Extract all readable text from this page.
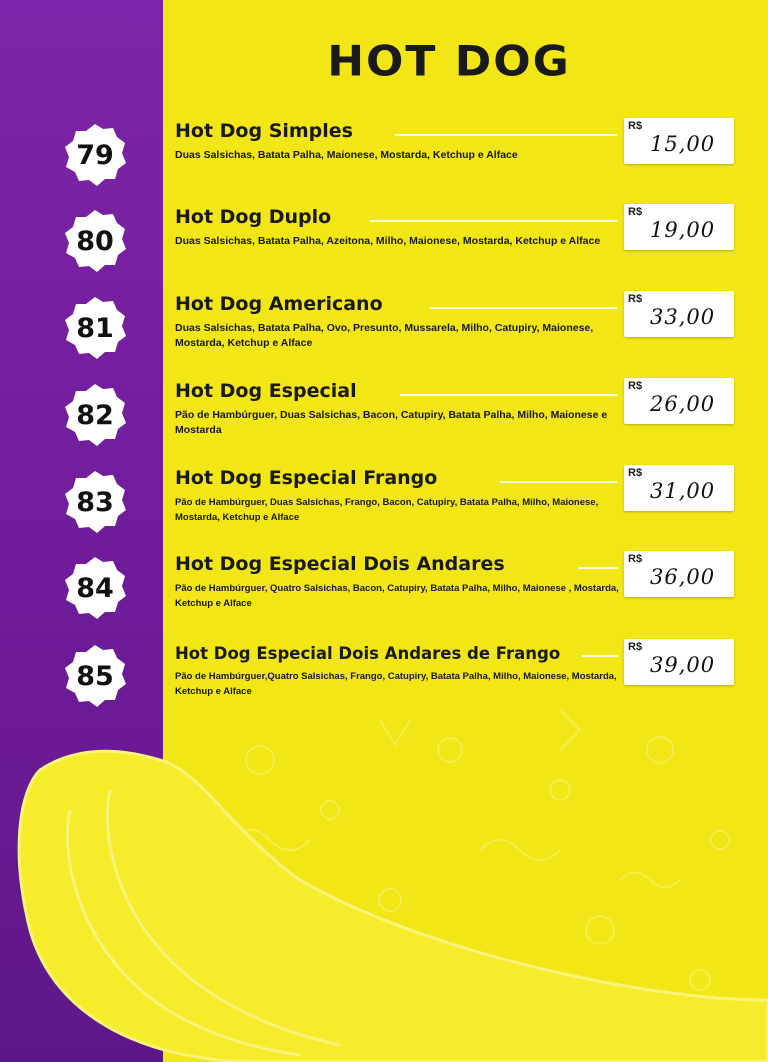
HOT DOG
79
Hot Dog Simples
Duas Salsichas, Batata Palha, Maionese, Mostarda, Ketchup e Alface
R$
15,00
80
Hot Dog Duplo
Duas Salsichas, Batata Palha, Azeitona, Milho, Maionese, Mostarda, Ketchup e Alface
R$
19,00
81
Hot Dog Americano
Duas Salsichas, Batata Palha, Ovo, Presunto, Mussarela, Milho, Catupiry, Maionese, Mostarda, Ketchup e Alface
R$
33,00
82
Hot Dog Especial
Pão de Hambúrguer, Duas Salsichas, Bacon, Catupiry, Batata Palha, Milho, Maionese e Mostarda
R$
26,00
83
Hot Dog Especial Frango
Pão de Hambúrguer, Duas Salsichas, Frango, Bacon, Catupiry, Batata Palha, Milho, Maionese, Mostarda, Ketchup e Alface
R$
31,00
84
Hot Dog Especial Dois Andares
Pão de Hambúrguer, Quatro Salsichas, Bacon, Catupiry, Batata Palha, Milho, Maionese , Mostarda, Ketchup e Alface
R$
36,00
85
Hot Dog Especial Dois Andares de Frango
Pão de Hambúrguer,Quatro Salsichas, Frango, Catupiry, Batata Palha, Milho, Maionese, Mostarda, Ketchup e Alface
R$
39,00
